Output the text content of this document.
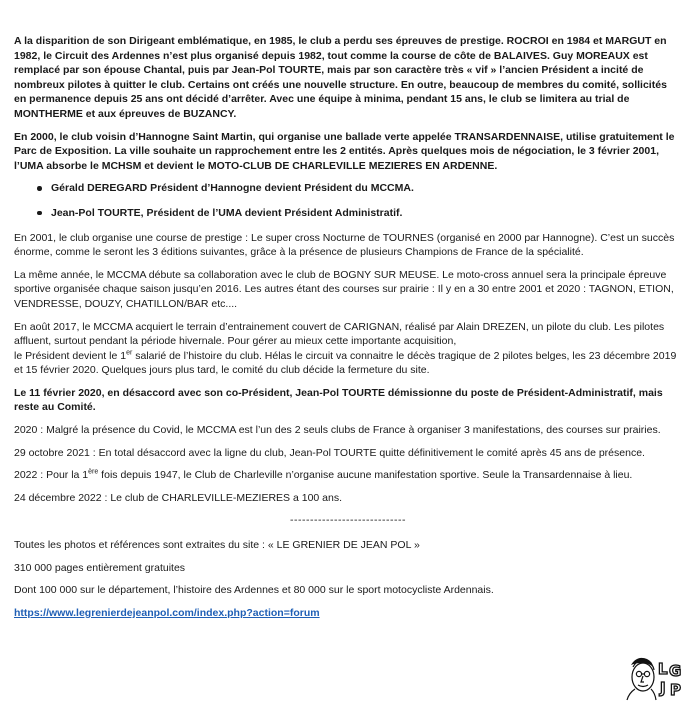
A la disparition de son Dirigeant emblématique, en 1985, le club a perdu ses épreuves de prestige. ROCROI en 1984 et MARGUT en 1982, le Circuit des Ardennes n’est plus organisé depuis 1982, tout comme la course de côte de BALAIVES. Guy MOREAUX est remplacé par son épouse Chantal, puis par Jean-Pol TOURTE, mais par son caractère très « vif » l’ancien Président a incité de nombreux pilotes à quitter le club. Certains ont créés une nouvelle structure. En outre, beaucoup de membres du comité, sollicités en permanence depuis 25 ans ont décidé d’arrêter. Avec une équipe à minima, pendant 15 ans, le club se limitera au trial de MONTHERME et aux épreuves de BUZANCY.

En 2000, le club voisin d’Hannogne Saint Martin, qui organise une ballade verte appelée TRANSARDENNAISE, utilise gratuitement le Parc de Exposition. La ville souhaite un rapprochement entre les 2 entités. Après quelques mois de négociation, le 3 février 2001, l’UMA absorbe le MCHSM et devient le MOTO-CLUB DE CHARLEVILLE MEZIERES EN ARDENNE.

Gérald DEREGARD Président d’Hannogne devient Président du MCCMA.
Jean-Pol TOURTE, Président de l’UMA devient Président Administratif.

En 2001, le club organise une course de prestige : Le super cross Nocturne de TOURNES (organisé en 2000 par Hannogne). C’est un succès énorme, comme le seront les 3 éditions suivantes, grâce à la présence de plusieurs Champions de France de la spécialité.

La même année, le MCCMA débute sa collaboration avec le club de BOGNY SUR MEUSE. Le moto-cross annuel sera la principale épreuve sportive organisée chaque saison jusqu’en 2016. Les autres étant des courses sur prairie : Il y en a 30 entre 2001 et 2020 : TAGNON, ETION, VENDRESSE, DOUZY, CHATILLON/BAR etc....

En août 2017, le MCCMA acquiert le terrain d’entrainement couvert de CARIGNAN, réalisé par Alain DREZEN, un pilote du club. Les pilotes affluent, surtout pendant la période hivernale. Pour gérer au mieux cette importante acquisition,
le Président devient le 1er salarié de l’histoire du club. Hélas le circuit va connaitre le décès tragique de 2 pilotes belges, les 23 décembre 2019 et 15 février 2020. Quelques jours plus tard, le comité du club décide la fermeture du site.

Le 11 février 2020, en désaccord avec son co-Président, Jean-Pol TOURTE démissionne du poste de Président-Administratif, mais reste au Comité.

2020 : Malgré la présence du Covid, le MCCMA est l’un des 2 seuls clubs de France à organiser 3 manifestations, des courses sur prairies.

29 octobre 2021 : En total désaccord avec la ligne du club, Jean-Pol TOURTE quitte définitivement le comité après 45 ans de présence.

2022 : Pour la 1ère fois depuis 1947, le Club de Charleville n’organise aucune manifestation sportive. Seule la Transardennaise à lieu.

24 décembre 2022 : Le club de CHARLEVILLE-MEZIERES a 100 ans.

-----------------------------

Toutes les photos et références sont extraites du site : « LE GRENIER DE JEAN POL »

310 000 pages entièrement gratuites

Dont 100 000 sur le département, l’histoire des Ardennes et 80 000 sur le sport motocycliste Ardennais.

https://www.legrenierdejeanpol.com/index.php?action=forum

L G
J P
